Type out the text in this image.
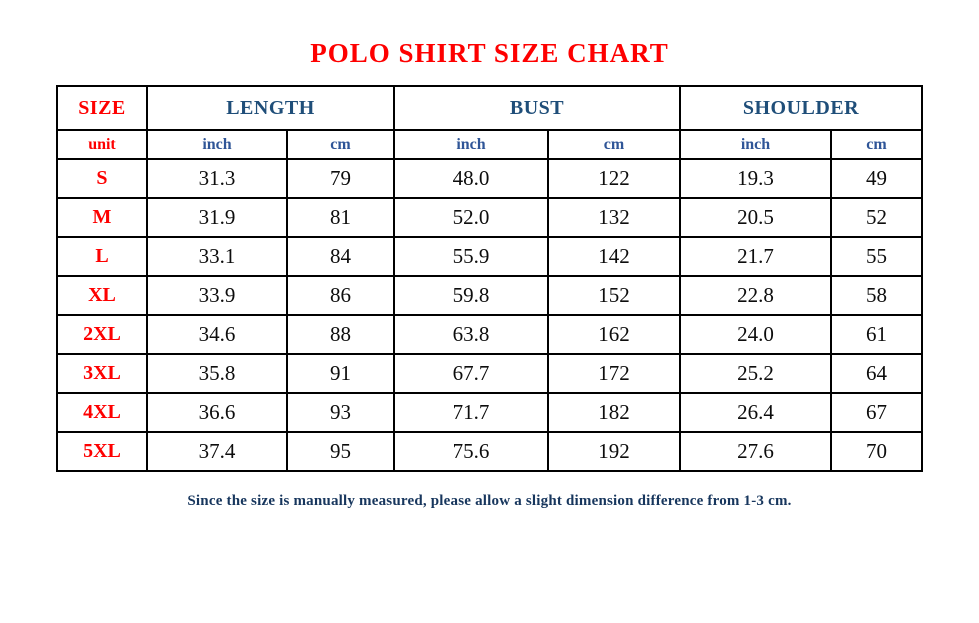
POLO SHIRT SIZE CHART
SIZE	LENGTH		BUST		SHOULDER	
unit	inch	cm	inch	cm	inch	cm
S	31.3	79	48.0	122	19.3	49
M	31.9	81	52.0	132	20.5	52
L	33.1	84	55.9	142	21.7	55
XL	33.9	86	59.8	152	22.8	58
2XL	34.6	88	63.8	162	24.0	61
3XL	35.8	91	67.7	172	25.2	64
4XL	36.6	93	71.7	182	26.4	67
5XL	37.4	95	75.6	192	27.6	70
Since the size is manually measured, please allow a slight dimension difference from 1-3 cm.
